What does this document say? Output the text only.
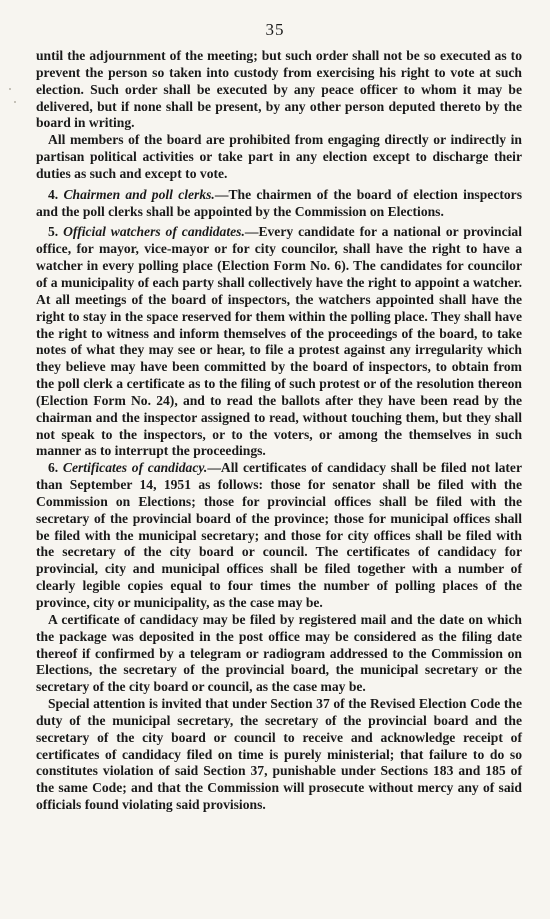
35

until the adjournment of the meeting; but such order shall not be so executed as to prevent the person so taken into custody from exercising his right to vote at such election. Such order shall be executed by any peace officer to whom it may be delivered, but if none shall be present, by any other person deputed thereto by the board in writing.

All members of the board are prohibited from engaging directly or indirectly in partisan political activities or take part in any election except to discharge their duties as such and except to vote.

4. Chairmen and poll clerks.—The chairmen of the board of election inspectors and the poll clerks shall be appointed by the Commission on Elections.

5. Official watchers of candidates.—Every candidate for a national or provincial office, for mayor, vice-mayor or for city councilor, shall have the right to have a watcher in every polling place (Election Form No. 6). The candidates for councilor of a municipality of each party shall collectively have the right to appoint a watcher. At all meetings of the board of inspectors, the watchers appointed shall have the right to stay in the space reserved for them within the polling place. They shall have the right to witness and inform themselves of the proceedings of the board, to take notes of what they may see or hear, to file a protest against any irregularity which they believe may have been committed by the board of inspectors, to obtain from the poll clerk a certificate as to the filing of such protest or of the resolution thereon (Election Form No. 24), and to read the ballots after they have been read by the chairman and the inspector assigned to read, without touching them, but they shall not speak to the inspectors, or to the voters, or among the themselves in such manner as to interrupt the proceedings.

6. Certificates of candidacy.—All certificates of candidacy shall be filed not later than September 14, 1951 as follows: those for senator shall be filed with the Commission on Elections; those for provincial offices shall be filed with the secretary of the provincial board of the province; those for municipal offices shall be filed with the municipal secretary; and those for city offices shall be filed with the secretary of the city board or council. The certificates of candidacy for provincial, city and municipal offices shall be filed together with a number of clearly legible copies equal to four times the number of polling places of the province, city or municipality, as the case may be.

A certificate of candidacy may be filed by registered mail and the date on which the package was deposited in the post office may be considered as the filing date thereof if confirmed by a telegram or radiogram addressed to the Commission on Elections, the secretary of the provincial board, the municipal secretary or the secretary of the city board or council, as the case may be.

Special attention is invited that under Section 37 of the Revised Election Code the duty of the municipal secretary, the secretary of the provincial board and the secretary of the city board or council to receive and acknowledge receipt of certificates of candidacy filed on time is purely ministerial; that failure to do so constitutes violation of said Section 37, punishable under Sections 183 and 185 of the same Code; and that the Commission will prosecute without mercy any of said officials found violating said provisions.
